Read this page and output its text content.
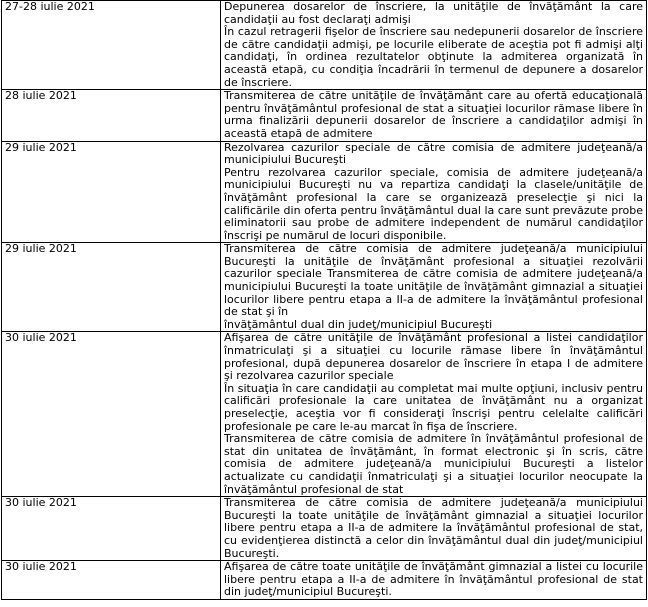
27-28 iulie 2021	Depunerea dosarelor de înscriere, la unităţile de învăţământ la care candidaţii au fost declaraţi admişi
În cazul retragerii fişelor de înscriere sau nedepunerii dosarelor de înscriere de către candidaţii admişi, pe locurile eliberate de aceştia pot fi admişi alţi candidaţi, în ordinea rezultatelor obţinute la admiterea organizată în această etapă, cu condiţia încadrării în termenul de depunere a dosarelor de înscriere.

28 iulie 2021	Transmiterea de către unităţile de învăţământ care au ofertă educaţională pentru învăţământul profesional de stat a situaţiei locurilor rămase libere în urma finalizării depunerii dosarelor de înscriere a candidaţilor admişi în această etapă de admitere

29 iulie 2021	Rezolvarea cazurilor speciale de către comisia de admitere judeţeană/a municipiului Bucureşti
Pentru rezolvarea cazurilor speciale, comisia de admitere judeţeană/a municipiului Bucureşti nu va repartiza candidaţi la clasele/unităţile de învăţământ profesional la care se organizează preselecţie şi nici la calificările din oferta pentru învăţământul dual la care sunt prevăzute probe eliminatorii sau probe de admitere independent de numărul candidaţilor înscrişi pe numărul de locuri disponibile.

29 iulie 2021	Transmiterea de către comisia de admitere judeţeană/a municipiului Bucureşti la unităţile de învăţământ profesional a situaţiei rezolvării cazurilor speciale Transmiterea de către comisia de admitere judeţeană/a municipiului Bucureşti la toate unităţile de învăţământ gimnazial a situaţiei locurilor libere pentru etapa a II-a de admitere la învăţământul profesional de stat şi în
învăţământul dual din judeţ/municipiul Bucureşti

30 iulie 2021	Afişarea de către unităţile de învăţământ profesional a listei candidaţilor înmatriculaţi şi a situaţiei cu locurile rămase libere în învăţământul profesional, după depunerea dosarelor de înscriere în etapa I de admitere şi rezolvarea cazurilor speciale
În situaţia în care candidaţii au completat mai multe opţiuni, inclusiv pentru calificări profesionale la care unitatea de învăţământ nu a organizat preselecţie, aceştia vor fi consideraţi înscrişi pentru celelalte calificări profesionale pe care le-au marcat în fişa de înscriere.
Transmiterea de către comisia de admitere în învăţământul profesional de stat din unitatea de învăţământ, în format electronic şi în scris, către comisia de admitere judeţeană/a municipiului Bucureşti a listelor actualizate cu candidaţii înmatriculaţi şi a situaţiei locurilor neocupate la învăţământul profesional de stat

30 iulie 2021	Transmiterea de către comisia de admitere judeţeană/a municipiului Bucureşti la toate unităţile de învăţământ gimnazial a situaţiei locurilor libere pentru etapa a II-a de admitere la învăţământul profesional de stat, cu evidenţierea distinctă a celor din învăţământul dual din judeţ/municipiul Bucureşti.

30 iulie 2021	Afişarea de către toate unităţile de învăţământ gimnazial a listei cu locurile libere pentru etapa a II-a de admitere în învăţământul profesional de stat din judeţ/municipiul Bucureşti.
